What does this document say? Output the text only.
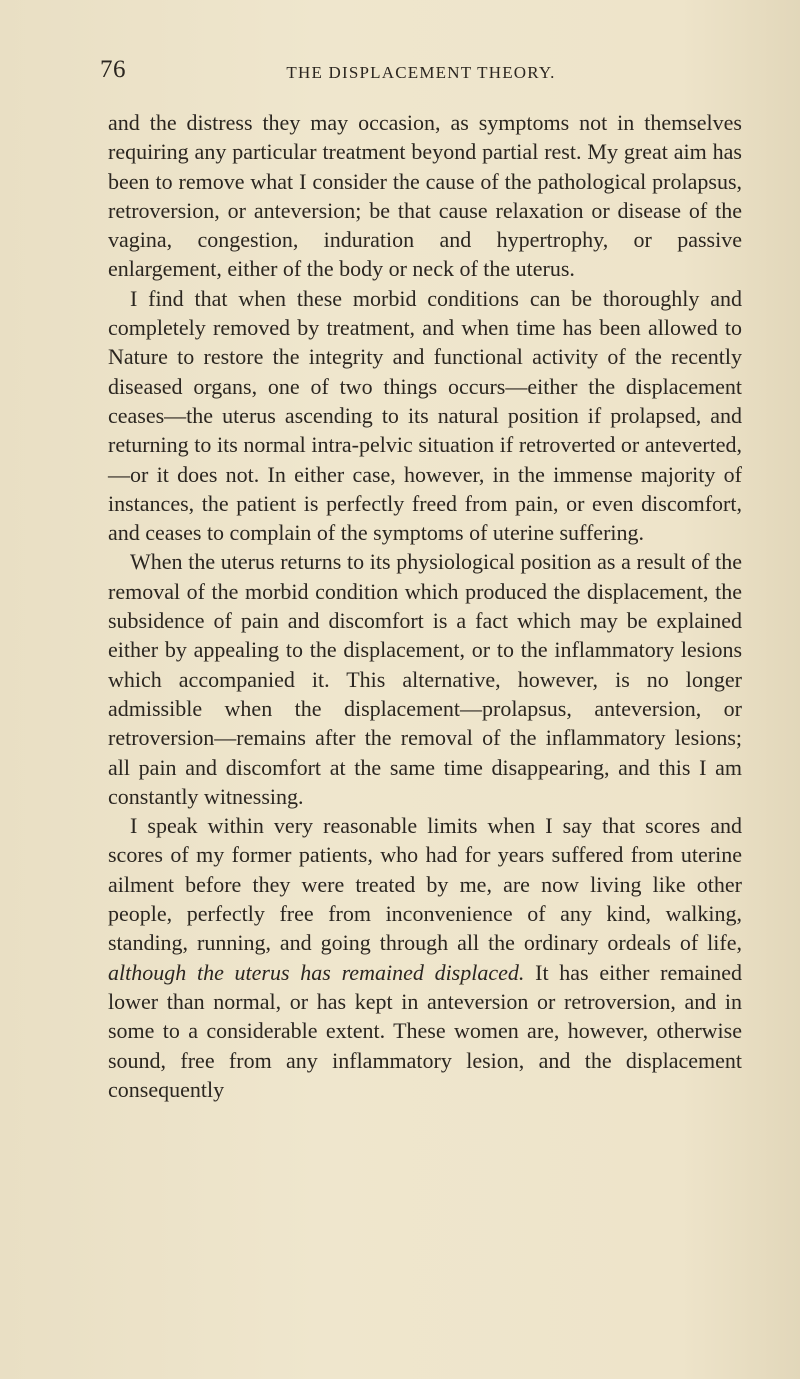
76	THE DISPLACEMENT THEORY.

and the distress they may occasion, as symptoms not in themselves requiring any particular treatment beyond partial rest. My great aim has been to remove what I consider the cause of the pathological prolapsus, retroversion, or anteversion; be that cause relaxation or disease of the vagina, congestion, induration and hypertrophy, or passive enlargement, either of the body or neck of the uterus.

I find that when these morbid conditions can be thoroughly and completely removed by treatment, and when time has been allowed to Nature to restore the integrity and functional activity of the recently diseased organs, one of two things occurs—either the displacement ceases—the uterus ascending to its natural position if prolapsed, and returning to its normal intra-pelvic situation if retroverted or anteverted,—or it does not. In either case, however, in the immense majority of instances, the patient is perfectly freed from pain, or even discomfort, and ceases to complain of the symptoms of uterine suffering.

When the uterus returns to its physiological position as a result of the removal of the morbid condition which produced the displacement, the subsidence of pain and discomfort is a fact which may be explained either by appealing to the displacement, or to the inflammatory lesions which accompanied it. This alternative, however, is no longer admissible when the displacement—prolapsus, anteversion, or retroversion—remains after the removal of the inflammatory lesions; all pain and discomfort at the same time disappearing, and this I am constantly witnessing.

I speak within very reasonable limits when I say that scores and scores of my former patients, who had for years suffered from uterine ailment before they were treated by me, are now living like other people, perfectly free from inconvenience of any kind, walking, standing, running, and going through all the ordinary ordeals of life, although the uterus has remained displaced. It has either remained lower than normal, or has kept in anteversion or retroversion, and in some to a considerable extent. These women are, however, otherwise sound, free from any inflammatory lesion, and the displacement consequently
